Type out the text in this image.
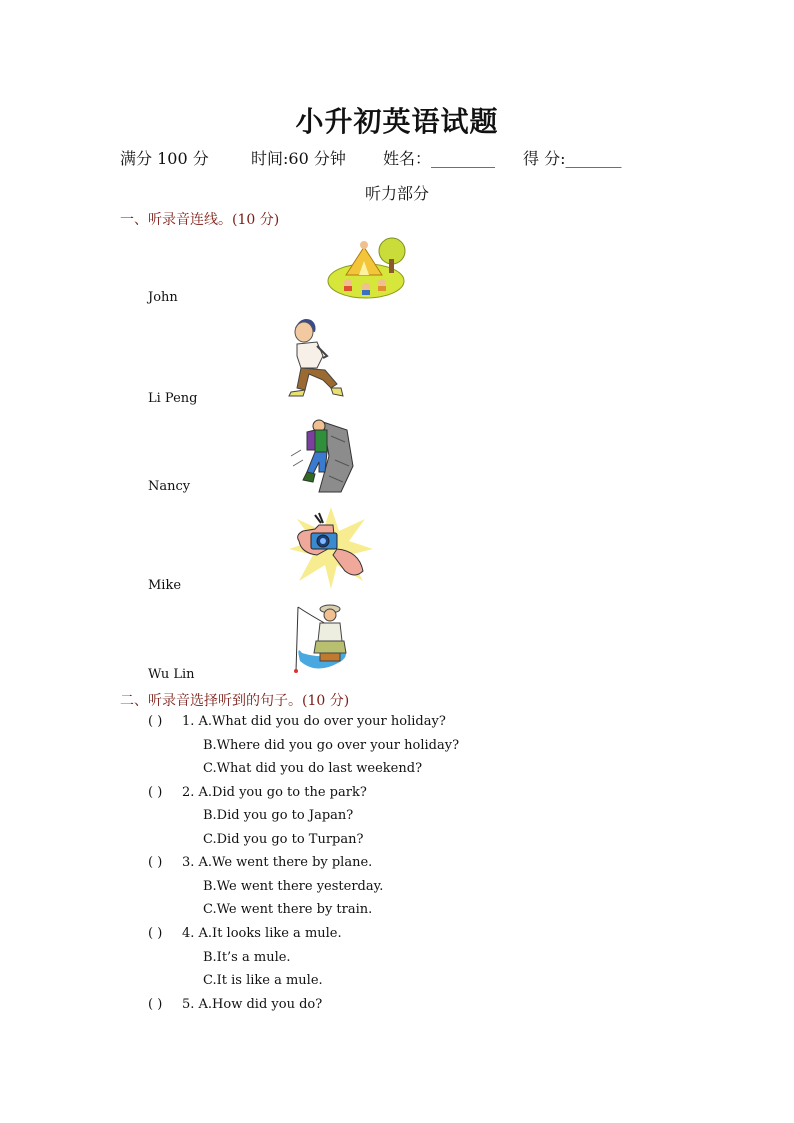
小升初英语试题
满分 100 分	时间:60 分钟 姓名：________ 得 分:_______
听力部分
一、听录音连线。(10 分)
John
Li Peng
Nancy
Mike
Wu Lin
二、听录音选择听到的句子。(10 分)
( ) 1. A.What did you do over your holiday?
B.Where did you go over your holiday?
C.What did you do last weekend?
( ) 2. A.Did you go to the park?
B.Did you go to Japan?
C.Did you go to Turpan?
( ) 3. A.We went there by plane.
B.We went there yesterday.
C.We went there by train.
( ) 4. A.It looks like a mule.
B.It’s a mule.
C.It is like a mule.
( ) 5. A.How did you do?
